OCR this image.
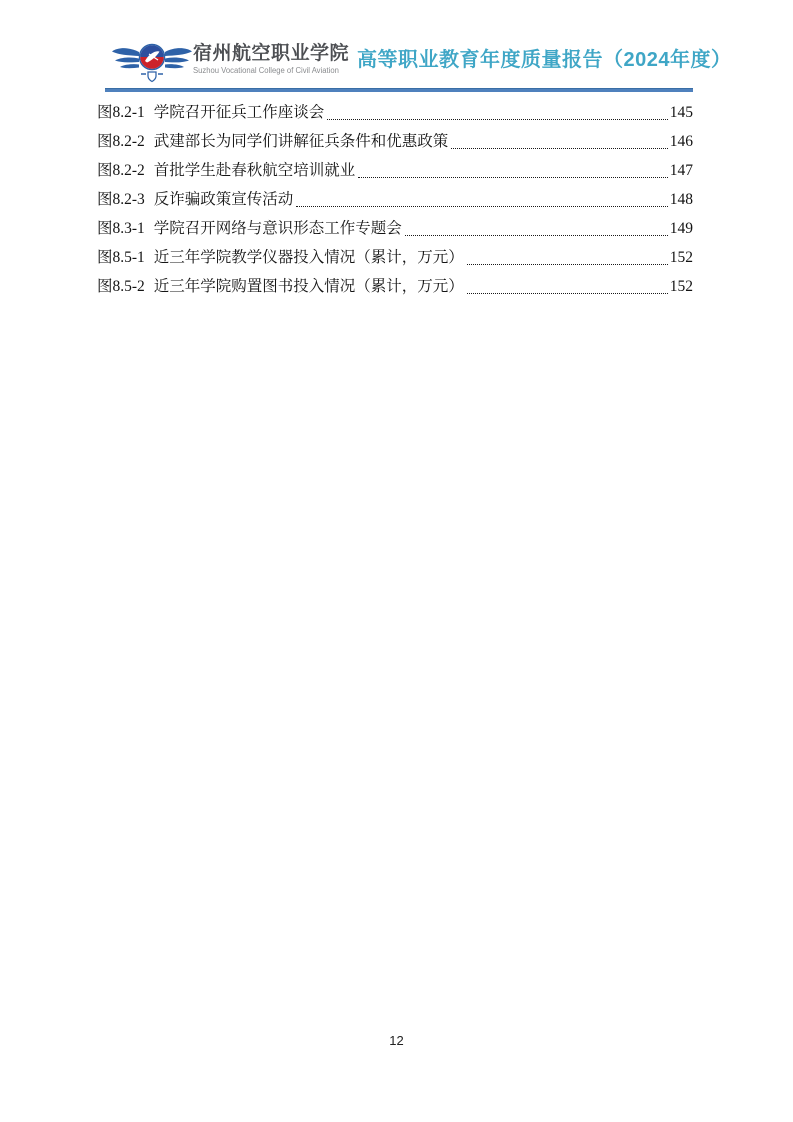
宿州航空职业学院
Suzhou Vocational College of Civil Aviation 高等职业教育年度质量报告（2024年度）
图8.2-1 学院召开征兵工作座谈会	145
图8.2-2 武建部长为同学们讲解征兵条件和优惠政策	146
图8.2-2 首批学生赴春秋航空培训就业	147
图8.2-3 反诈骗政策宣传活动	148
图8.3-1 学院召开网络与意识形态工作专题会	149
图8.5-1 近三年学院教学仪器投入情况（累计，万元）	152
图8.5-2 近三年学院购置图书投入情况（累计，万元）	152
12
